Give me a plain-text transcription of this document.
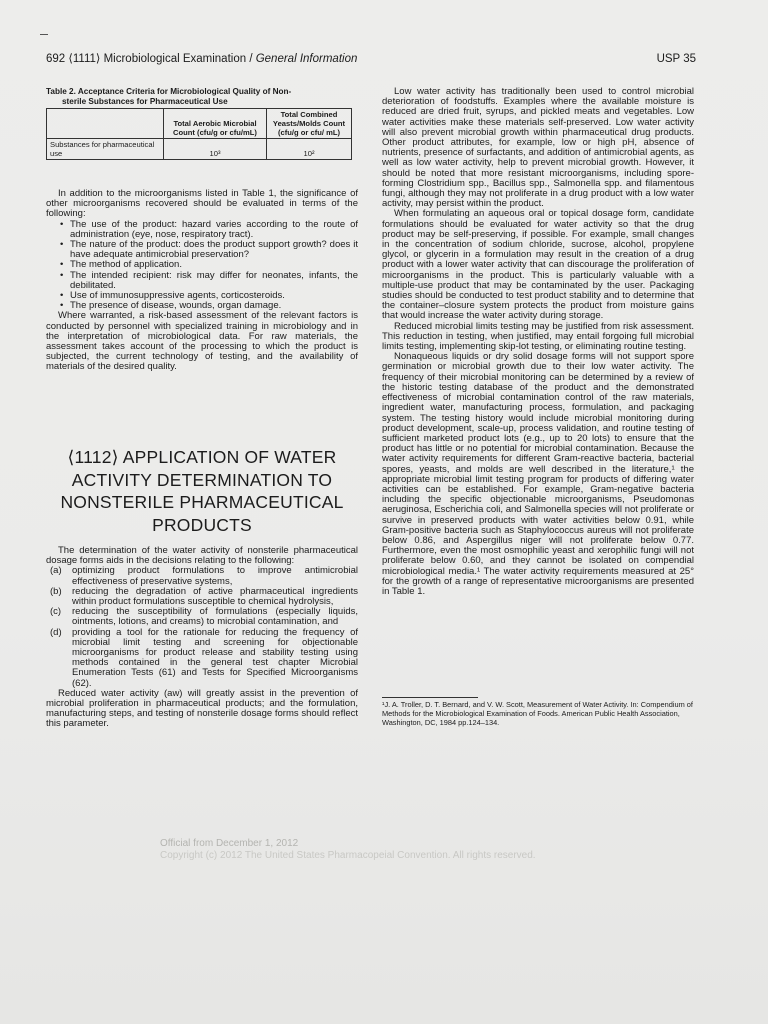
692 ⟨1111⟩ Microbiological Examination / General Information	USP 35
Table 2. Acceptance Criteria for Microbiological Quality of Non-
sterile Substances for Pharmaceutical Use
	Total Aerobic Microbial Count (cfu/g or cfu/mL)	Total Combined Yeasts/Molds Count (cfu/g or cfu/ mL)
Substances for pharmaceutical use	10³	10²

In addition to the microorganisms listed in Table 1, the significance of other microorganisms recovered should be evaluated in terms of the following:

• The use of the product: hazard varies according to the route of administration (eye, nose, respiratory tract).
• The nature of the product: does the product support growth? does it have adequate antimicrobial preservation?
• The method of application.
• The intended recipient: risk may differ for neonates, infants, the debilitated.
• Use of immunosuppressive agents, corticosteroids.
• The presence of disease, wounds, organ damage.

Where warranted, a risk-based assessment of the relevant factors is conducted by personnel with specialized training in microbiology and in the interpretation of microbiological data. For raw materials, the assessment takes account of the processing to which the product is subjected, the current technology of testing, and the availability of materials of the desired quality.

⟨1112⟩ APPLICATION OF WATER
ACTIVITY DETERMINATION TO
NONSTERILE PHARMACEUTICAL
PRODUCTS

The determination of the water activity of nonsterile pharmaceutical dosage forms aids in the decisions relating to the following:

(a) optimizing product formulations to improve antimicrobial effectiveness of preservative systems,
(b) reducing the degradation of active pharmaceutical ingredients within product formulations susceptible to chemical hydrolysis,
(c) reducing the susceptibility of formulations (especially liquids, ointments, lotions, and creams) to microbial contamination, and
(d) providing a tool for the rationale for reducing the frequency of microbial limit testing and screening for objectionable microorganisms for product release and stability testing using methods contained in the general test chapter Microbial Enumeration Tests (61) and Tests for Specified Microorganisms (62).

Reduced water activity (aw) will greatly assist in the prevention of microbial proliferation in pharmaceutical products; and the formulation, manufacturing steps, and testing of nonsterile dosage forms should reflect this parameter.

Low water activity has traditionally been used to control microbial deterioration of foodstuffs. Examples where the available moisture is reduced are dried fruit, syrups, and pickled meats and vegetables. Low water activities make these materials self-preserved. Low water activity will also prevent microbial growth within pharmaceutical drug products. Other product attributes, for example, low or high pH, absence of nutrients, presence of surfactants, and addition of antimicrobial agents, as well as low water activity, help to prevent microbial growth. However, it should be noted that more resistant microorganisms, including spore-forming Clostridium spp., Bacillus spp., Salmonella spp. and filamentous fungi, although they may not proliferate in a drug product with a low water activity, may persist within the product.

When formulating an aqueous oral or topical dosage form, candidate formulations should be evaluated for water activity so that the drug product may be self-preserving, if possible. For example, small changes in the concentration of sodium chloride, sucrose, alcohol, propylene glycol, or glycerin in a formulation may result in the creation of a drug product with a lower water activity that can discourage the proliferation of microorganisms in the product. This is particularly valuable with a multiple-use product that may be contaminated by the user. Packaging studies should be conducted to test product stability and to determine that the container–closure system protects the product from moisture gains that would increase the water activity during storage.

Reduced microbial limits testing may be justified from risk assessment. This reduction in testing, when justified, may entail forgoing full microbial limits testing, implementing skip-lot testing, or eliminating routine testing.

Nonaqueous liquids or dry solid dosage forms will not support spore germination or microbial growth due to their low water activity. The frequency of their microbial monitoring can be determined by a review of the historic testing database of the product and the demonstrated effectiveness of microbial contamination control of the raw materials, ingredient water, manufacturing process, formulation, and packaging system. The testing history would include microbial monitoring during product development, scale-up, process validation, and routine testing of sufficient marketed product lots (e.g., up to 20 lots) to ensure that the product has little or no potential for microbial contamination. Because the water activity requirements for different Gram-reactive bacteria, bacterial spores, yeasts, and molds are well described in the literature,¹ the appropriate microbial limit testing program for products of differing water activities can be established. For example, Gram-negative bacteria including the specific objectionable microorganisms, Pseudomonas aeruginosa, Escherichia coli, and Salmonella species will not proliferate or survive in preserved products with water activities below 0.91, while Gram-positive bacteria such as Staphylococcus aureus will not proliferate below 0.86, and Aspergillus niger will not proliferate below 0.77. Furthermore, even the most osmophilic yeast and xerophilic fungi will not proliferate below 0.60, and they cannot be isolated on compendial microbiological media.¹ The water activity requirements measured at 25° for the growth of a range of representative microorganisms are presented in Table 1.

¹J. A. Troller, D. T. Bernard, and V. W. Scott, Measurement of Water Activity. In: Compendium of Methods for the Microbiological Examination of Foods. American Public Health Association, Washington, DC, 1984 pp.124–134.
Official from December 1, 2012
Copyright (c) 2012 The United States Pharmacopeial Convention. All rights reserved.
